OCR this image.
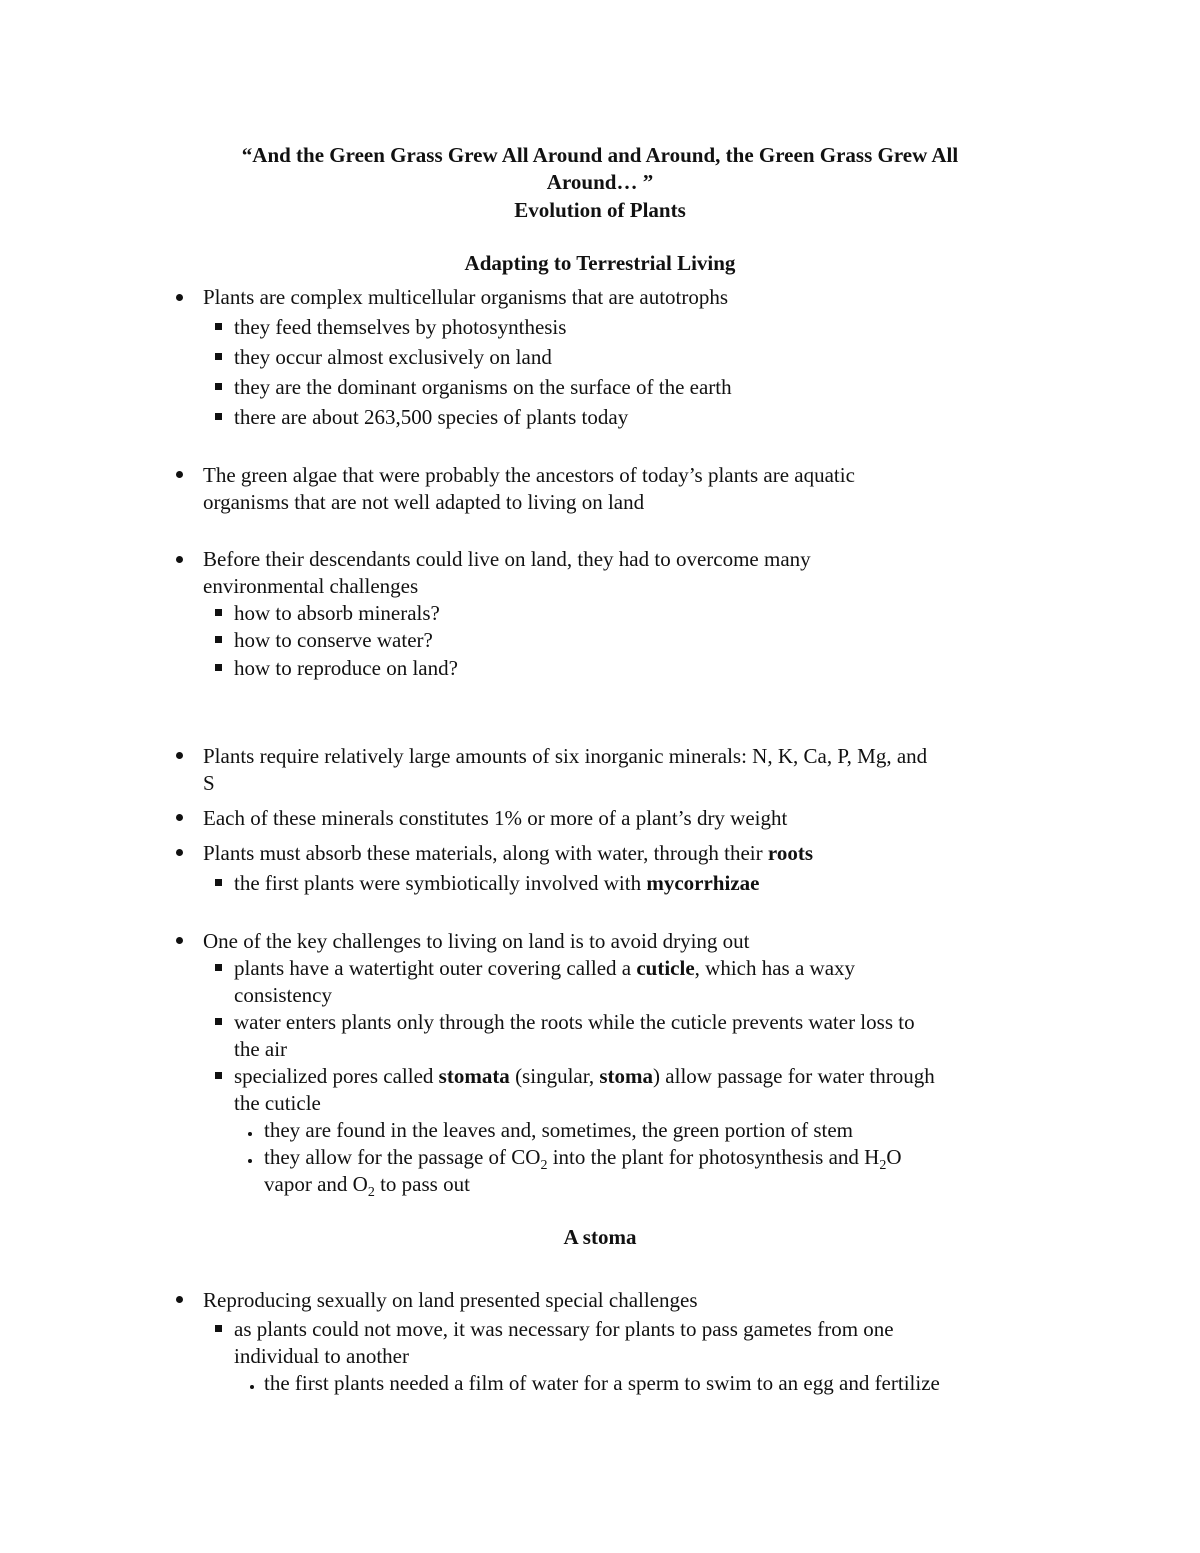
“And the Green Grass Grew All Around and Around, the Green Grass Grew All
Around… ”
Evolution of Plants
Adapting to Terrestrial Living
Plants are complex multicellular organisms that are autotrophs
they feed themselves by photosynthesis
they occur almost exclusively on land
they are the dominant organisms on the surface of the earth
there are about 263,500 species of plants today
The green algae that were probably the ancestors of today’s plants are aquatic
organisms that are not well adapted to living on land
Before their descendants could live on land, they had to overcome many
environmental challenges
how to absorb minerals?
how to conserve water?
how to reproduce on land?
Plants require relatively large amounts of six inorganic minerals: N, K, Ca, P, Mg, and
S
Each of these minerals constitutes 1% or more of a plant’s dry weight
Plants must absorb these materials, along with water, through their roots
the first plants were symbiotically involved with mycorrhizae
One of the key challenges to living on land is to avoid drying out
plants have a watertight outer covering called a cuticle, which has a waxy
consistency
water enters plants only through the roots while the cuticle prevents water loss to
the air
specialized pores called stomata (singular, stoma) allow passage for water through
the cuticle
they are found in the leaves and, sometimes, the green portion of stem
they allow for the passage of $CO_2$ into the plant for photosynthesis and $H_2O$
vapor and $O_2$ to pass out
A stoma
Reproducing sexually on land presented special challenges
as plants could not move, it was necessary for plants to pass gametes from one
individual to another
the first plants needed a film of water for a sperm to swim to an egg and fertilize
